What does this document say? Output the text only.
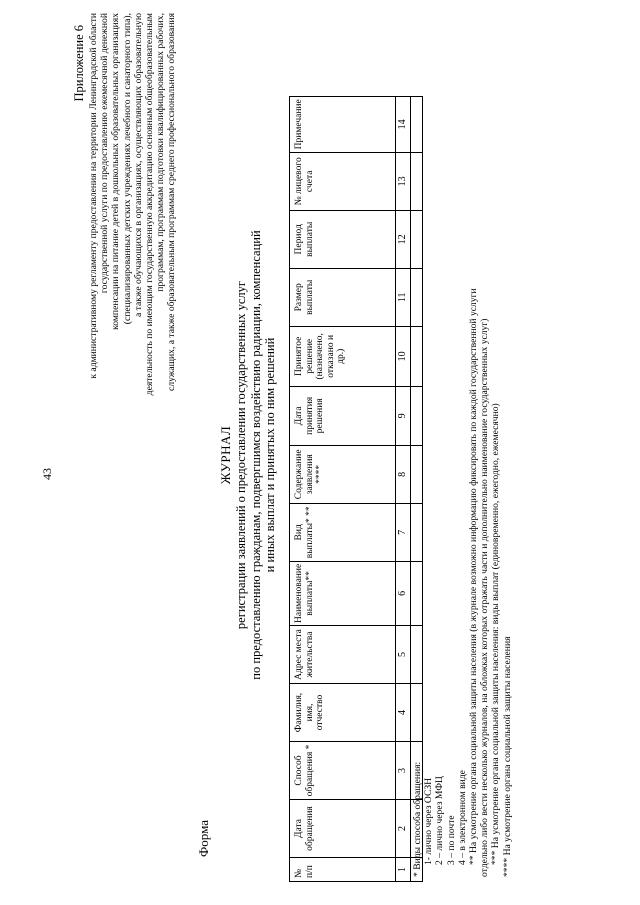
43
Приложение 6 к административному регламенту предоставления на территории Ленинградской области государственной услуги по предоставлению ежемесячной денежной компенсации на питание детей в дошкольных образовательных организациях (специализированных детских учреждениях лечебного и санаторного типа), а также обучающихся в организациях, осуществляющих образовательную деятельность по имеющим государственную аккредитацию основным общеобразовательным программам, программам подготовки квалифицированных рабочих, служащих, а также образовательным программам среднего профессионального образования
Форма
ЖУРНАЛ регистрации заявлений о предоставлении государственных услуг по предоставлению гражданам, подвергшимся воздействию радиации, компенсаций и иных выплат и принятых по ним решений
№ п/п	Дата обращения	Способ обращения *	Фамилия, имя, отчество	Адрес места жительства	Наименование выплаты**	Вид выплаты* **	Содержание заявления ****	Дата принятия решения	Принятое решение (назначено, отказано и др.)	Размер выплаты	Период выплаты	№ лицевого счета	Примечание
1	2	3	4	5	6	7	8	9	10	11	12	13	14

* Виды способа обращения: 1- лично через ОСЗН 2 – лично через МФЦ 3 – по почте 4 – в электронном виде ** На усмотрение органа социальной защиты населения (в журнале возможно информацию фиксировать по каждой государственной услуги отдельно либо вести несколько журналов, на обложках которых отражать части и дополнительно наименование государственных услуг) *** На усмотрение органа социальной защиты населения: виды выплат (единовременно, ежегодно, ежемесячно) **** На усмотрение органа социальной защиты населения
